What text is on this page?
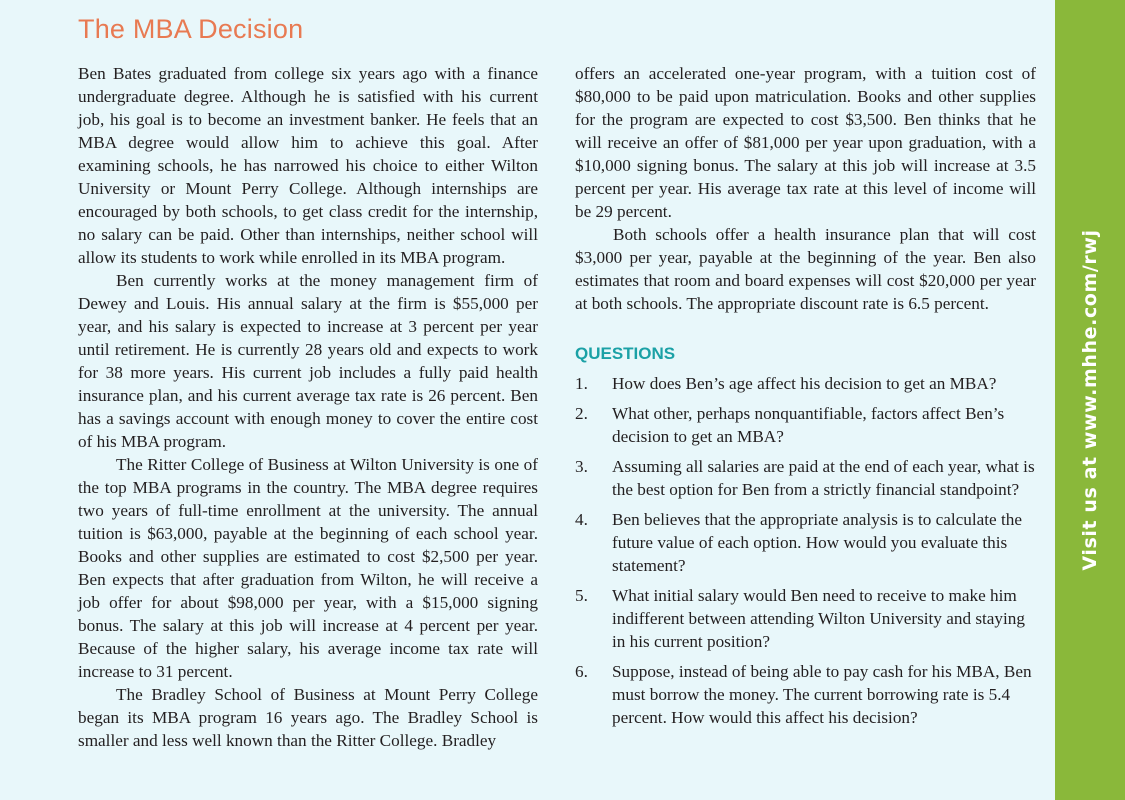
The MBA Decision

Ben Bates graduated from college six years ago with a finance undergraduate degree. Although he is satisfied with his current job, his goal is to become an investment banker. He feels that an MBA degree would allow him to achieve this goal. After examining schools, he has narrowed his choice to either Wilton University or Mount Perry College. Although internships are encouraged by both schools, to get class credit for the internship, no salary can be paid. Other than internships, neither school will allow its students to work while enrolled in its MBA program.

Ben currently works at the money management firm of Dewey and Louis. His annual salary at the firm is $55,000 per year, and his salary is expected to increase at 3 percent per year until retirement. He is currently 28 years old and expects to work for 38 more years. His current job includes a fully paid health insurance plan, and his current average tax rate is 26 percent. Ben has a savings account with enough money to cover the entire cost of his MBA program.

The Ritter College of Business at Wilton University is one of the top MBA programs in the country. The MBA degree requires two years of full-time enrollment at the university. The annual tuition is $63,000, payable at the beginning of each school year. Books and other supplies are estimated to cost $2,500 per year. Ben expects that after graduation from Wilton, he will receive a job offer for about $98,000 per year, with a $15,000 signing bonus. The salary at this job will increase at 4 percent per year. Because of the higher salary, his average income tax rate will increase to 31 percent.

The Bradley School of Business at Mount Perry College began its MBA program 16 years ago. The Bradley School is smaller and less well known than the Ritter College. Bradley

offers an accelerated one-year program, with a tuition cost of $80,000 to be paid upon matriculation. Books and other supplies for the program are expected to cost $3,500. Ben thinks that he will receive an offer of $81,000 per year upon graduation, with a $10,000 signing bonus. The salary at this job will increase at 3.5 percent per year. His average tax rate at this level of income will be 29 percent.

Both schools offer a health insurance plan that will cost $3,000 per year, payable at the beginning of the year. Ben also estimates that room and board expenses will cost $20,000 per year at both schools. The appropriate discount rate is 6.5 percent.

QUESTIONS
1.	How does Ben’s age affect his decision to get an MBA?
2.	What other, perhaps nonquantifiable, factors affect Ben’s decision to get an MBA?
3.	Assuming all salaries are paid at the end of each year, what is the best option for Ben from a strictly financial standpoint?
4.	Ben believes that the appropriate analysis is to calculate the future value of each option. How would you evaluate this statement?
5.	What initial salary would Ben need to receive to make him indifferent between attending Wilton University and staying in his current position?
6.	Suppose, instead of being able to pay cash for his MBA, Ben must borrow the money. The current borrowing rate is 5.4 percent. How would this affect his decision?
Visit us at www.mhhe.com/rwj
